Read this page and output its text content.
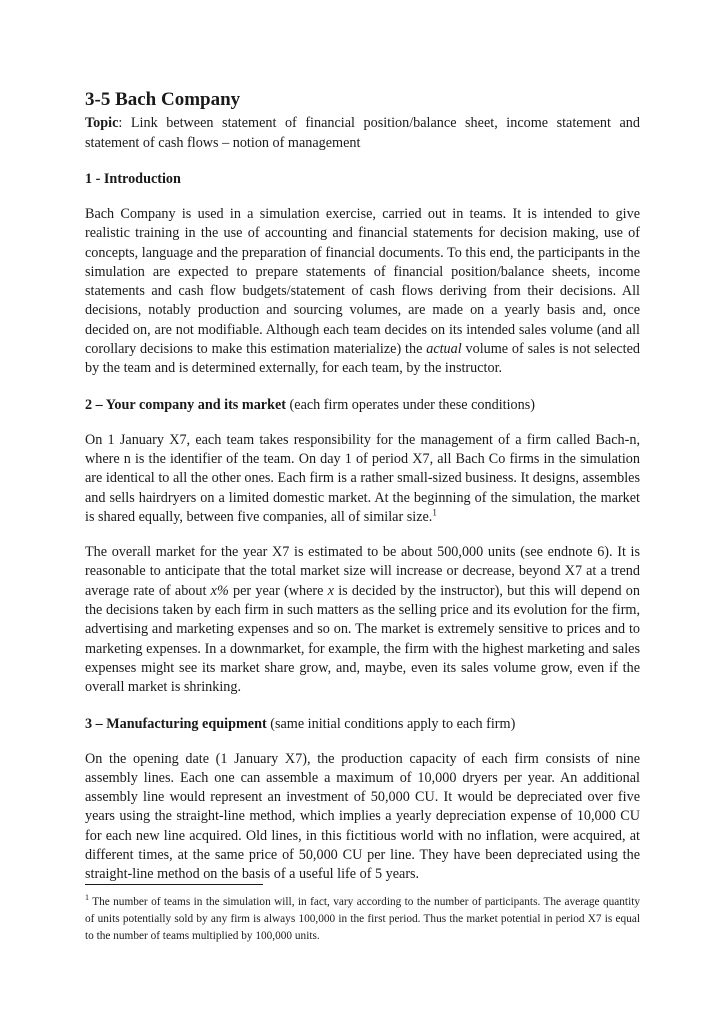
3-5 Bach Company

Topic: Link between statement of financial position/balance sheet, income statement and statement of cash flows – notion of management

1 - Introduction

Bach Company is used in a simulation exercise, carried out in teams. It is intended to give realistic training in the use of accounting and financial statements for decision making, use of concepts, language and the preparation of financial documents. To this end, the participants in the simulation are expected to prepare statements of financial position/balance sheets, income statements and cash flow budgets/statement of cash flows deriving from their decisions. All decisions, notably production and sourcing volumes, are made on a yearly basis and, once decided on, are not modifiable. Although each team decides on its intended sales volume (and all corollary decisions to make this estimation materialize) the actual volume of sales is not selected by the team and is determined externally, for each team, by the instructor.

2 – Your company and its market (each firm operates under these conditions)

On 1 January X7, each team takes responsibility for the management of a firm called Bach-n, where n is the identifier of the team. On day 1 of period X7, all Bach Co firms in the simulation are identical to all the other ones. Each firm is a rather small-sized business. It designs, assembles and sells hairdryers on a limited domestic market. At the beginning of the simulation, the market is shared equally, between five companies, all of similar size.$^1$

The overall market for the year X7 is estimated to be about 500,000 units (see endnote 6). It is reasonable to anticipate that the total market size will increase or decrease, beyond X7 at a trend average rate of about x% per year (where x is decided by the instructor), but this will depend on the decisions taken by each firm in such matters as the selling price and its evolution for the firm, advertising and marketing expenses and so on. The market is extremely sensitive to prices and to marketing expenses. In a downmarket, for example, the firm with the highest marketing and sales expenses might see its market share grow, and, maybe, even its sales volume grow, even if the overall market is shrinking.

3 – Manufacturing equipment (same initial conditions apply to each firm)

On the opening date (1 January X7), the production capacity of each firm consists of nine assembly lines. Each one can assemble a maximum of 10,000 dryers per year. An additional assembly line would represent an investment of 50,000 CU. It would be depreciated over five years using the straight-line method, which implies a yearly depreciation expense of 10,000 CU for each new line acquired. Old lines, in this fictitious world with no inflation, were acquired, at different times, at the same price of 50,000 CU per line. They have been depreciated using the straight-line method on the basis of a useful life of 5 years.

$^1$ The number of teams in the simulation will, in fact, vary according to the number of participants. The average quantity of units potentially sold by any firm is always 100,000 in the first period. Thus the market potential in period X7 is equal to the number of teams multiplied by 100,000 units.
